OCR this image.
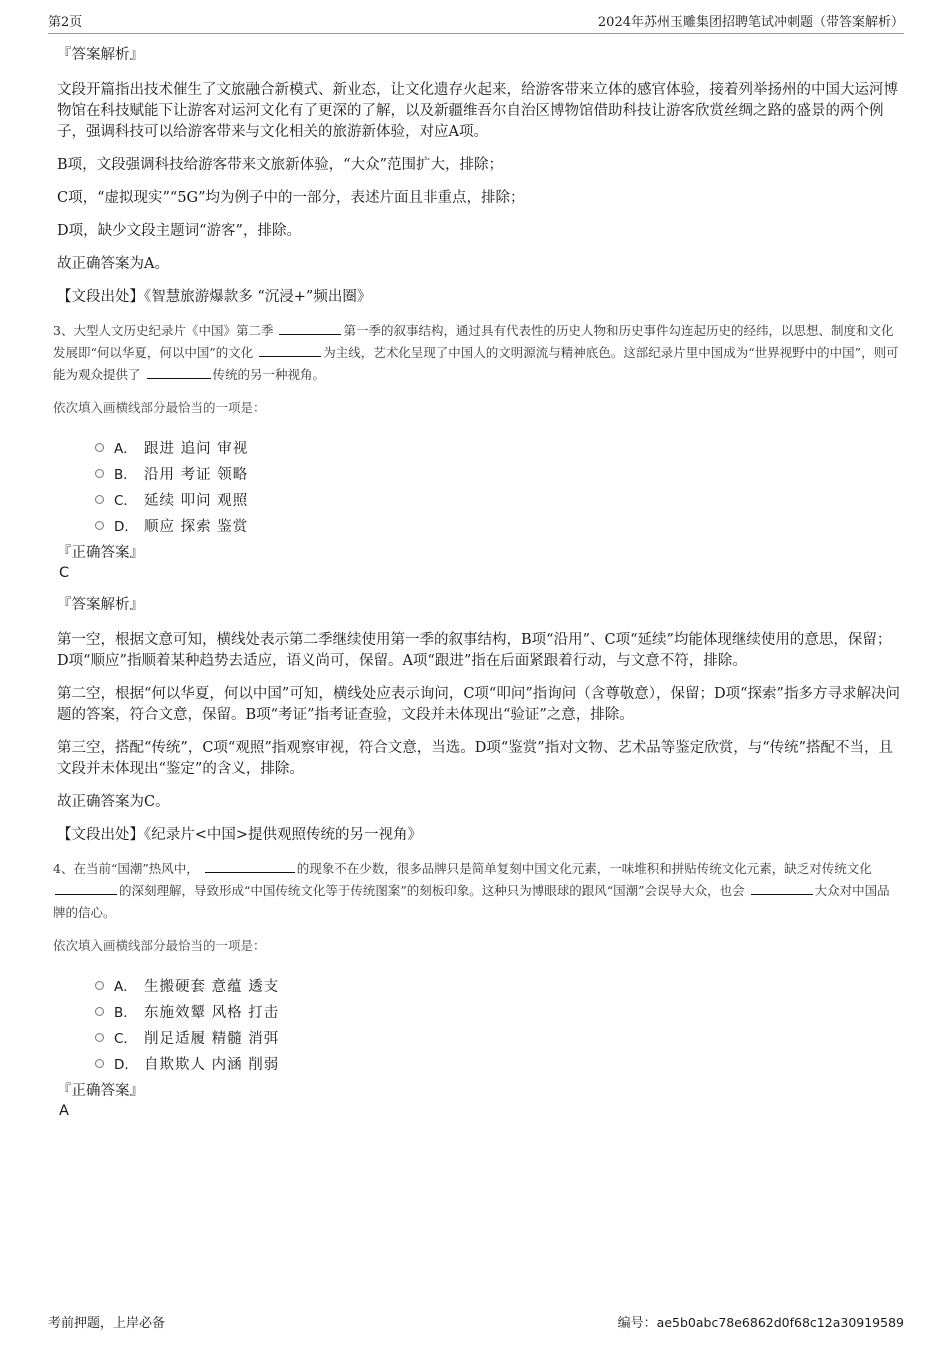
第2页	2024年苏州玉雕集团招聘笔试冲刺题（带答案解析）
『答案解析』

文段开篇指出技术催生了文旅融合新模式、新业态，让文化遗存火起来，给游客带来立体的感官体验，接着列举扬州的中国大运河博物馆在科技赋能下让游客对运河文化有了更深的了解，以及新疆维吾尔自治区博物馆借助科技让游客欣赏丝绸之路的盛景的两个例子，强调科技可以给游客带来与文化相关的旅游新体验，对应A项。

B项，文段强调科技给游客带来文旅新体验，“大众”范围扩大，排除；

C项，“虚拟现实”“5G”均为例子中的一部分，表述片面且非重点，排除；

D项，缺少文段主题词“游客”，排除。

故正确答案为A。

【文段出处】《智慧旅游爆款多 “沉浸+”频出圈》

3、大型人文历史纪录片《中国》第二季	第一季的叙事结构，通过具有代表性的历史人物和历史事件勾连起历史的经纬，以思想、制度和文化发展即“何以华夏，何以中国”的文化	为主线，艺术化呈现了中国人的文明源流与精神底色。这部纪录片里中国成为“世界视野中的中国”，则可能为观众提供了	传统的另一种视角。

依次填入画横线部分最恰当的一项是：

A． 跟进 追问 审视
B． 沿用 考证 领略
C． 延续 叩问 观照
D． 顺应 探索 鉴赏
『正确答案』
C
『答案解析』

第一空，根据文意可知，横线处表示第二季继续使用第一季的叙事结构，B项“沿用”、C项“延续”均能体现继续使用的意思，保留；D项“顺应”指顺着某种趋势去适应，语义尚可，保留。A项“跟进”指在后面紧跟着行动，与文意不符，排除。

第二空，根据“何以华夏，何以中国”可知，横线处应表示询问，C项“叩问”指询问（含尊敬意），保留；D项“探索”指多方寻求解决问题的答案，符合文意，保留。B项“考证”指考证查验，文段并未体现出“验证”之意，排除。

第三空，搭配“传统”，C项“观照”指观察审视，符合文意，当选。D项“鉴赏”指对文物、艺术品等鉴定欣赏，与“传统”搭配不当，且文段并未体现出“鉴定”的含义，排除。

故正确答案为C。

【文段出处】《纪录片<中国>提供观照传统的另一视角》

4、在当前“国潮”热风中，	的现象不在少数，很多品牌只是简单复刻中国文化元素，一味堆积和拼贴传统文化元素，缺乏对传统文化 的深刻理解，导致形成“中国传统文化等于传统图案”的刻板印象。这种只为博眼球的跟风“国潮”会误导大众，也会	大众对中国品牌的信心。

依次填入画横线部分最恰当的一项是：

A． 生搬硬套 意蕴 透支
B． 东施效颦 风格 打击
C． 削足适履 精髓 消弭
D． 自欺欺人 内涵 削弱
『正确答案』
A
考前押题，上岸必备	编号：ae5b0abc78e6862d0f68c12a30919589
